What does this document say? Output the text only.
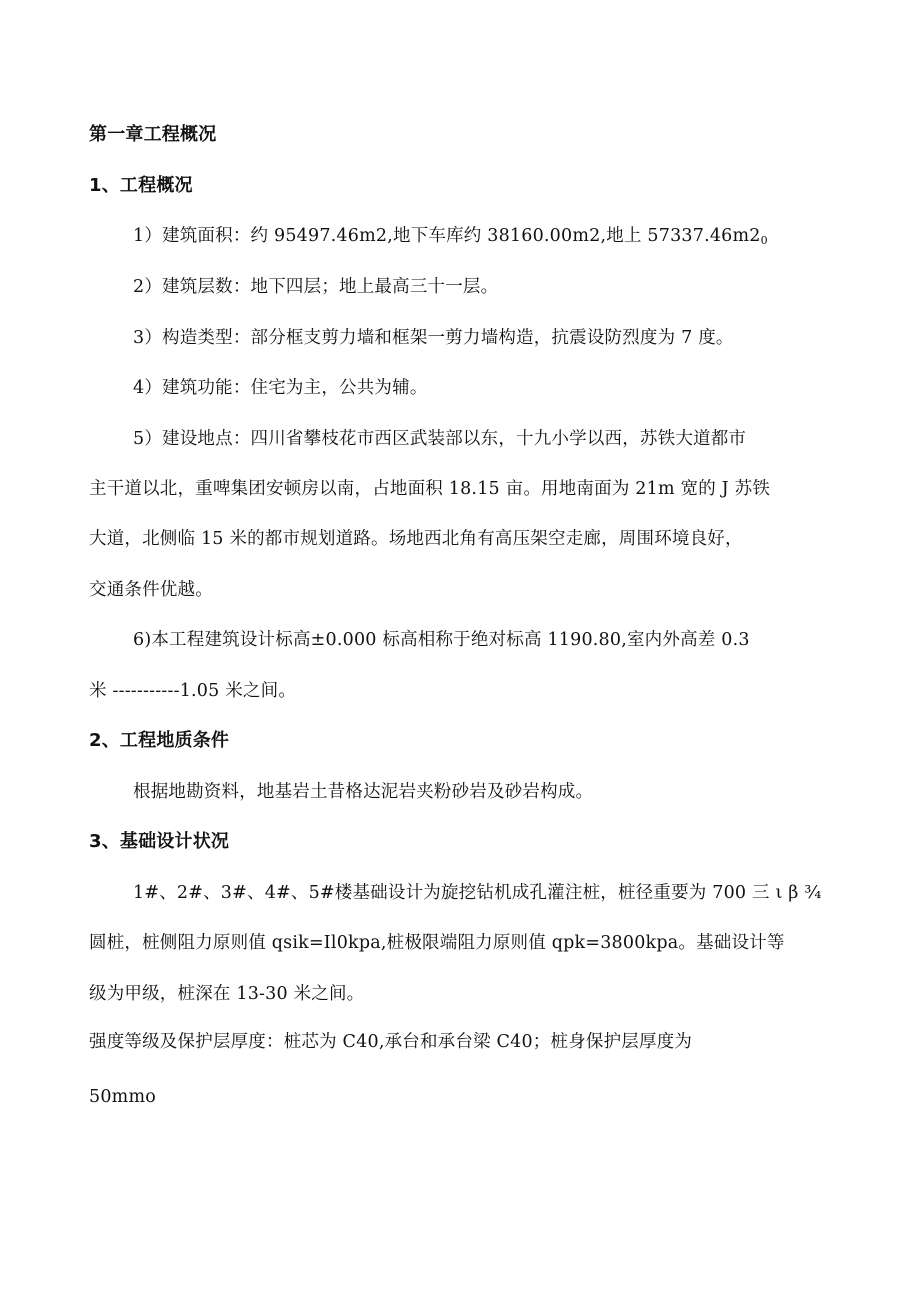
第一章工程概况
1、工程概况
1）建筑面积：约 95497.46m2,地下车库约 38160.00m2,地上 $57337.46m2_0$
2）建筑层数：地下四层；地上最高三十一层。
3）构造类型：部分框支剪力墙和框架一剪力墙构造，抗震设防烈度为 7 度。
4）建筑功能：住宅为主，公共为辅。
5）建设地点：四川省攀枝花市西区武装部以东，十九小学以西，苏铁大道都市
主干道以北，重啤集团安顿房以南，占地面积 18.15 亩。用地南面为 21m 宽的 J 苏铁
大道，北侧临 15 米的都市规划道路。场地西北角有高压架空走廊，周围环境良好，
交通条件优越。
6)本工程建筑设计标高±0.000 标高相称于绝对标高 1190.80,室内外高差 0.3
米 -----------1.05 米之间。
2、工程地质条件
根据地勘资料，地基岩土昔格达泥岩夹粉砂岩及砂岩构成。
3、基础设计状况
1#、2#、3#、4#、5#楼基础设计为旋挖钻机成孔灌注桩，桩径重要为 700 三 ι β ¾
圆桩，桩侧阻力原则值 qsik=Il0kpa,桩极限端阻力原则值 qpk=3800kpa。基础设计等
级为甲级，桩深在 13-30 米之间。
强度等级及保护层厚度：桩芯为 C40,承台和承台梁 C40；桩身保护层厚度为
50mmo
